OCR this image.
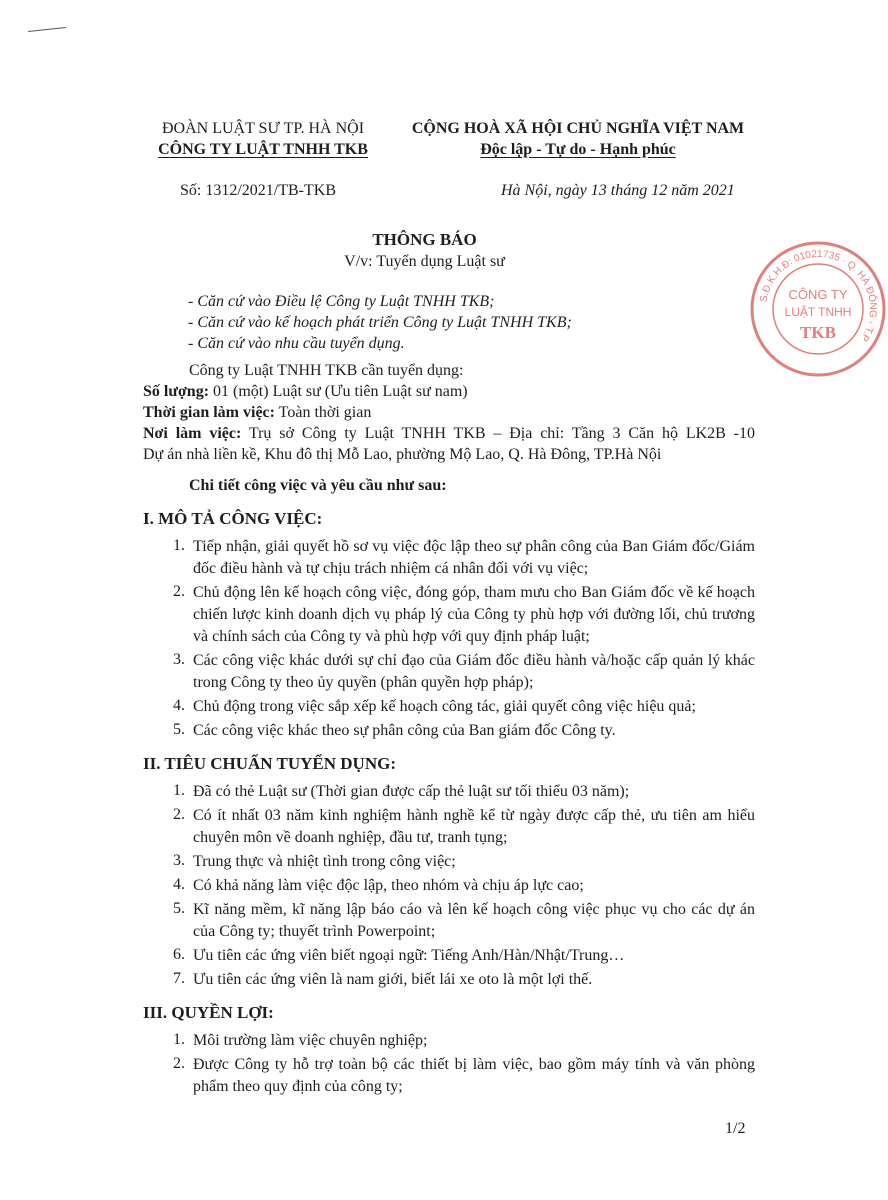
ĐOÀN LUẬT SƯ TP. HÀ NỘI
CÔNG TY LUẬT TNHH TKB
CỘNG HOÀ XÃ HỘI CHỦ NGHĨA VIỆT NAM
Độc lập - Tự do - Hạnh phúc
Số: 1312/2021/TB-TKB	Hà Nội, ngày 13 tháng 12 năm 2021
THÔNG BÁO
V/v: Tuyển dụng Luật sư
- Căn cứ vào Điều lệ Công ty Luật TNHH TKB;
- Căn cứ vào kế hoạch phát triển Công ty Luật TNHH TKB;
- Căn cứ vào nhu cầu tuyển dụng.
Công ty Luật TNHH TKB cần tuyển dụng:
Số lượng: 01 (một) Luật sư (Ưu tiên Luật sư nam)
Thời gian làm việc: Toàn thời gian
Nơi làm việc: Trụ sở Công ty Luật TNHH TKB – Địa chỉ: Tầng 3 Căn hộ LK2B -10
Dự án nhà liền kề, Khu đô thị Mỗ Lao, phường Mộ Lao, Q. Hà Đông, TP.Hà Nội
Chi tiết công việc và yêu cầu như sau:
I. MÔ TẢ CÔNG VIỆC:
1. Tiếp nhận, giải quyết hồ sơ vụ việc độc lập theo sự phân công của Ban Giám đốc/Giám đốc điều hành và tự chịu trách nhiệm cá nhân đối với vụ việc;
2. Chủ động lên kế hoạch công việc, đóng góp, tham mưu cho Ban Giám đốc về kế hoạch chiến lược kinh doanh dịch vụ pháp lý của Công ty phù hợp với đường lối, chủ trương và chính sách của Công ty và phù hợp với quy định pháp luật;
3. Các công việc khác dưới sự chỉ đạo của Giám đốc điều hành và/hoặc cấp quản lý khác trong Công ty theo ủy quyền (phân quyền hợp pháp);
4. Chủ động trong việc sắp xếp kế hoạch công tác, giải quyết công việc hiệu quả;
5. Các công việc khác theo sự phân công của Ban giám đốc Công ty.
II. TIÊU CHUẨN TUYỂN DỤNG:
1. Đã có thẻ Luật sư (Thời gian được cấp thẻ luật sư tối thiểu 03 năm);
2. Có ít nhất 03 năm kinh nghiệm hành nghề kể từ ngày được cấp thẻ, ưu tiên am hiểu chuyên môn về doanh nghiệp, đầu tư, tranh tụng;
3. Trung thực và nhiệt tình trong công việc;
4. Có khả năng làm việc độc lập, theo nhóm và chịu áp lực cao;
5. Kĩ năng mềm, kĩ năng lập báo cáo và lên kế hoạch công việc phục vụ cho các dự án của Công ty; thuyết trình Powerpoint;
6. Ưu tiên các ứng viên biết ngoại ngữ: Tiếng Anh/Hàn/Nhật/Trung…
7. Ưu tiên các ứng viên là nam giới, biết lái xe oto là một lợi thế.
III. QUYỀN LỢI:
1. Môi trường làm việc chuyên nghiệp;
2. Được Công ty hỗ trợ toàn bộ các thiết bị làm việc, bao gồm máy tính và văn phòng phẩm theo quy định của công ty;
1/2
S.Đ.K.H.Đ: 01021735 · Q. HÀ ĐÔNG - T.P
CÔNG TY
LUẬT TNHH
TKB
